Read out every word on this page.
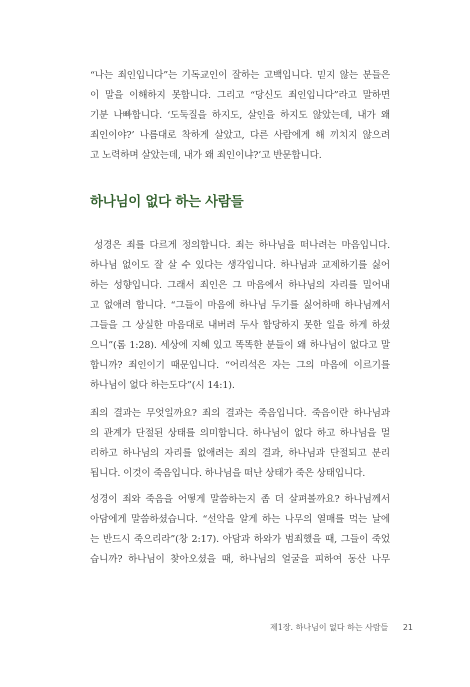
“나는 죄인입니다”는 기독교인이 잘하는 고백입니다. 믿지 않는 분들은
이 말을 이해하지 못합니다. 그리고 “당신도 죄인입니다”라고 말하면
기분 나빠합니다. ‘도둑질을 하지도, 살인을 하지도 않았는데, 내가 왜
죄인이야?’ 나름대로 착하게 살았고, 다른 사람에게 해 끼치지 않으려
고 노력하며 살았는데, 내가 왜 죄인이냐?’고 반문합니다.
하나님이 없다 하는 사람들
성경은 죄를 다르게 정의합니다. 죄는 하나님을 떠나려는 마음입니다.
하나님 없이도 잘 살 수 있다는 생각입니다. 하나님과 교제하기를 싫어
하는 성향입니다. 그래서 죄인은 그 마음에서 하나님의 자리를 밀어내
고 없애려 합니다. “그들이 마음에 하나님 두기를 싫어하매 하나님께서
그들을 그 상실한 마음대로 내버려 두사 합당하지 못한 일을 하게 하셨
으니”(롬 1:28). 세상에 지혜 있고 똑똑한 분들이 왜 하나님이 없다고 말
합니까? 죄인이기 때문입니다. “어리석은 자는 그의 마음에 이르기를
하나님이 없다 하는도다”(시 14:1).
죄의 결과는 무엇일까요? 죄의 결과는 죽음입니다. 죽음이란 하나님과
의 관계가 단절된 상태를 의미합니다. 하나님이 없다 하고 하나님을 멀
리하고 하나님의 자리를 없애려는 죄의 결과, 하나님과 단절되고 분리
됩니다. 이것이 죽음입니다. 하나님을 떠난 상태가 죽은 상태입니다.
성경이 죄와 죽음을 어떻게 말씀하는지 좀 더 살펴볼까요? 하나님께서
아담에게 말씀하셨습니다. “선악을 알게 하는 나무의 열매를 먹는 날에
는 반드시 죽으리라”(창 2:17). 아담과 하와가 범죄했을 때, 그들이 죽었
습니까? 하나님이 찾아오셨을 때, 하나님의 얼굴을 피하여 동산 나무
제1장. 하나님이 없다 하는 사람들 21
